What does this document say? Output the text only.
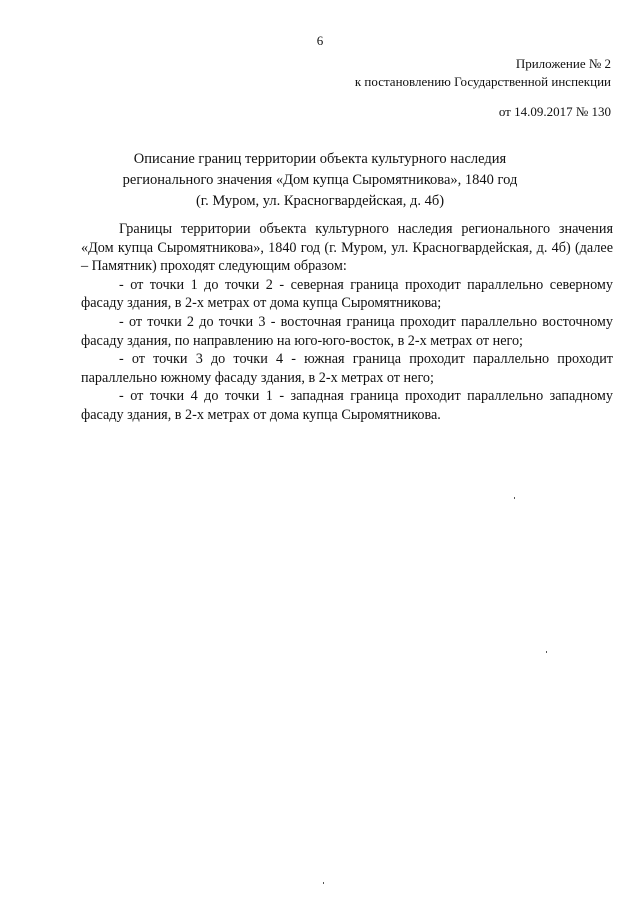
6
Приложение № 2
к постановлению Государственной инспекции
от 14.09.2017 № 130
Описание границ территории объекта культурного наследия
регионального значения «Дом купца Сыромятникова», 1840 год
(г. Муром, ул. Красногвардейская, д. 4б)

Границы территории объекта культурного наследия регионального значения «Дом купца Сыромятникова», 1840 год (г. Муром, ул. Красногвардейская, д. 4б) (далее – Памятник) проходят следующим образом:

- от точки 1 до точки 2 - северная граница проходит параллельно северному фасаду здания, в 2-х метрах от дома купца Сыромятникова;

- от точки 2 до точки 3 - восточная граница проходит параллельно восточному фасаду здания, по направлению на юго-юго-восток, в 2-х метрах от него;

- от точки 3 до точки 4 - южная граница проходит параллельно проходит параллельно южному фасаду здания, в 2-х метрах от него;

- от точки 4 до точки 1 - западная граница проходит параллельно западному фасаду здания, в 2-х метрах от дома купца Сыромятникова.
